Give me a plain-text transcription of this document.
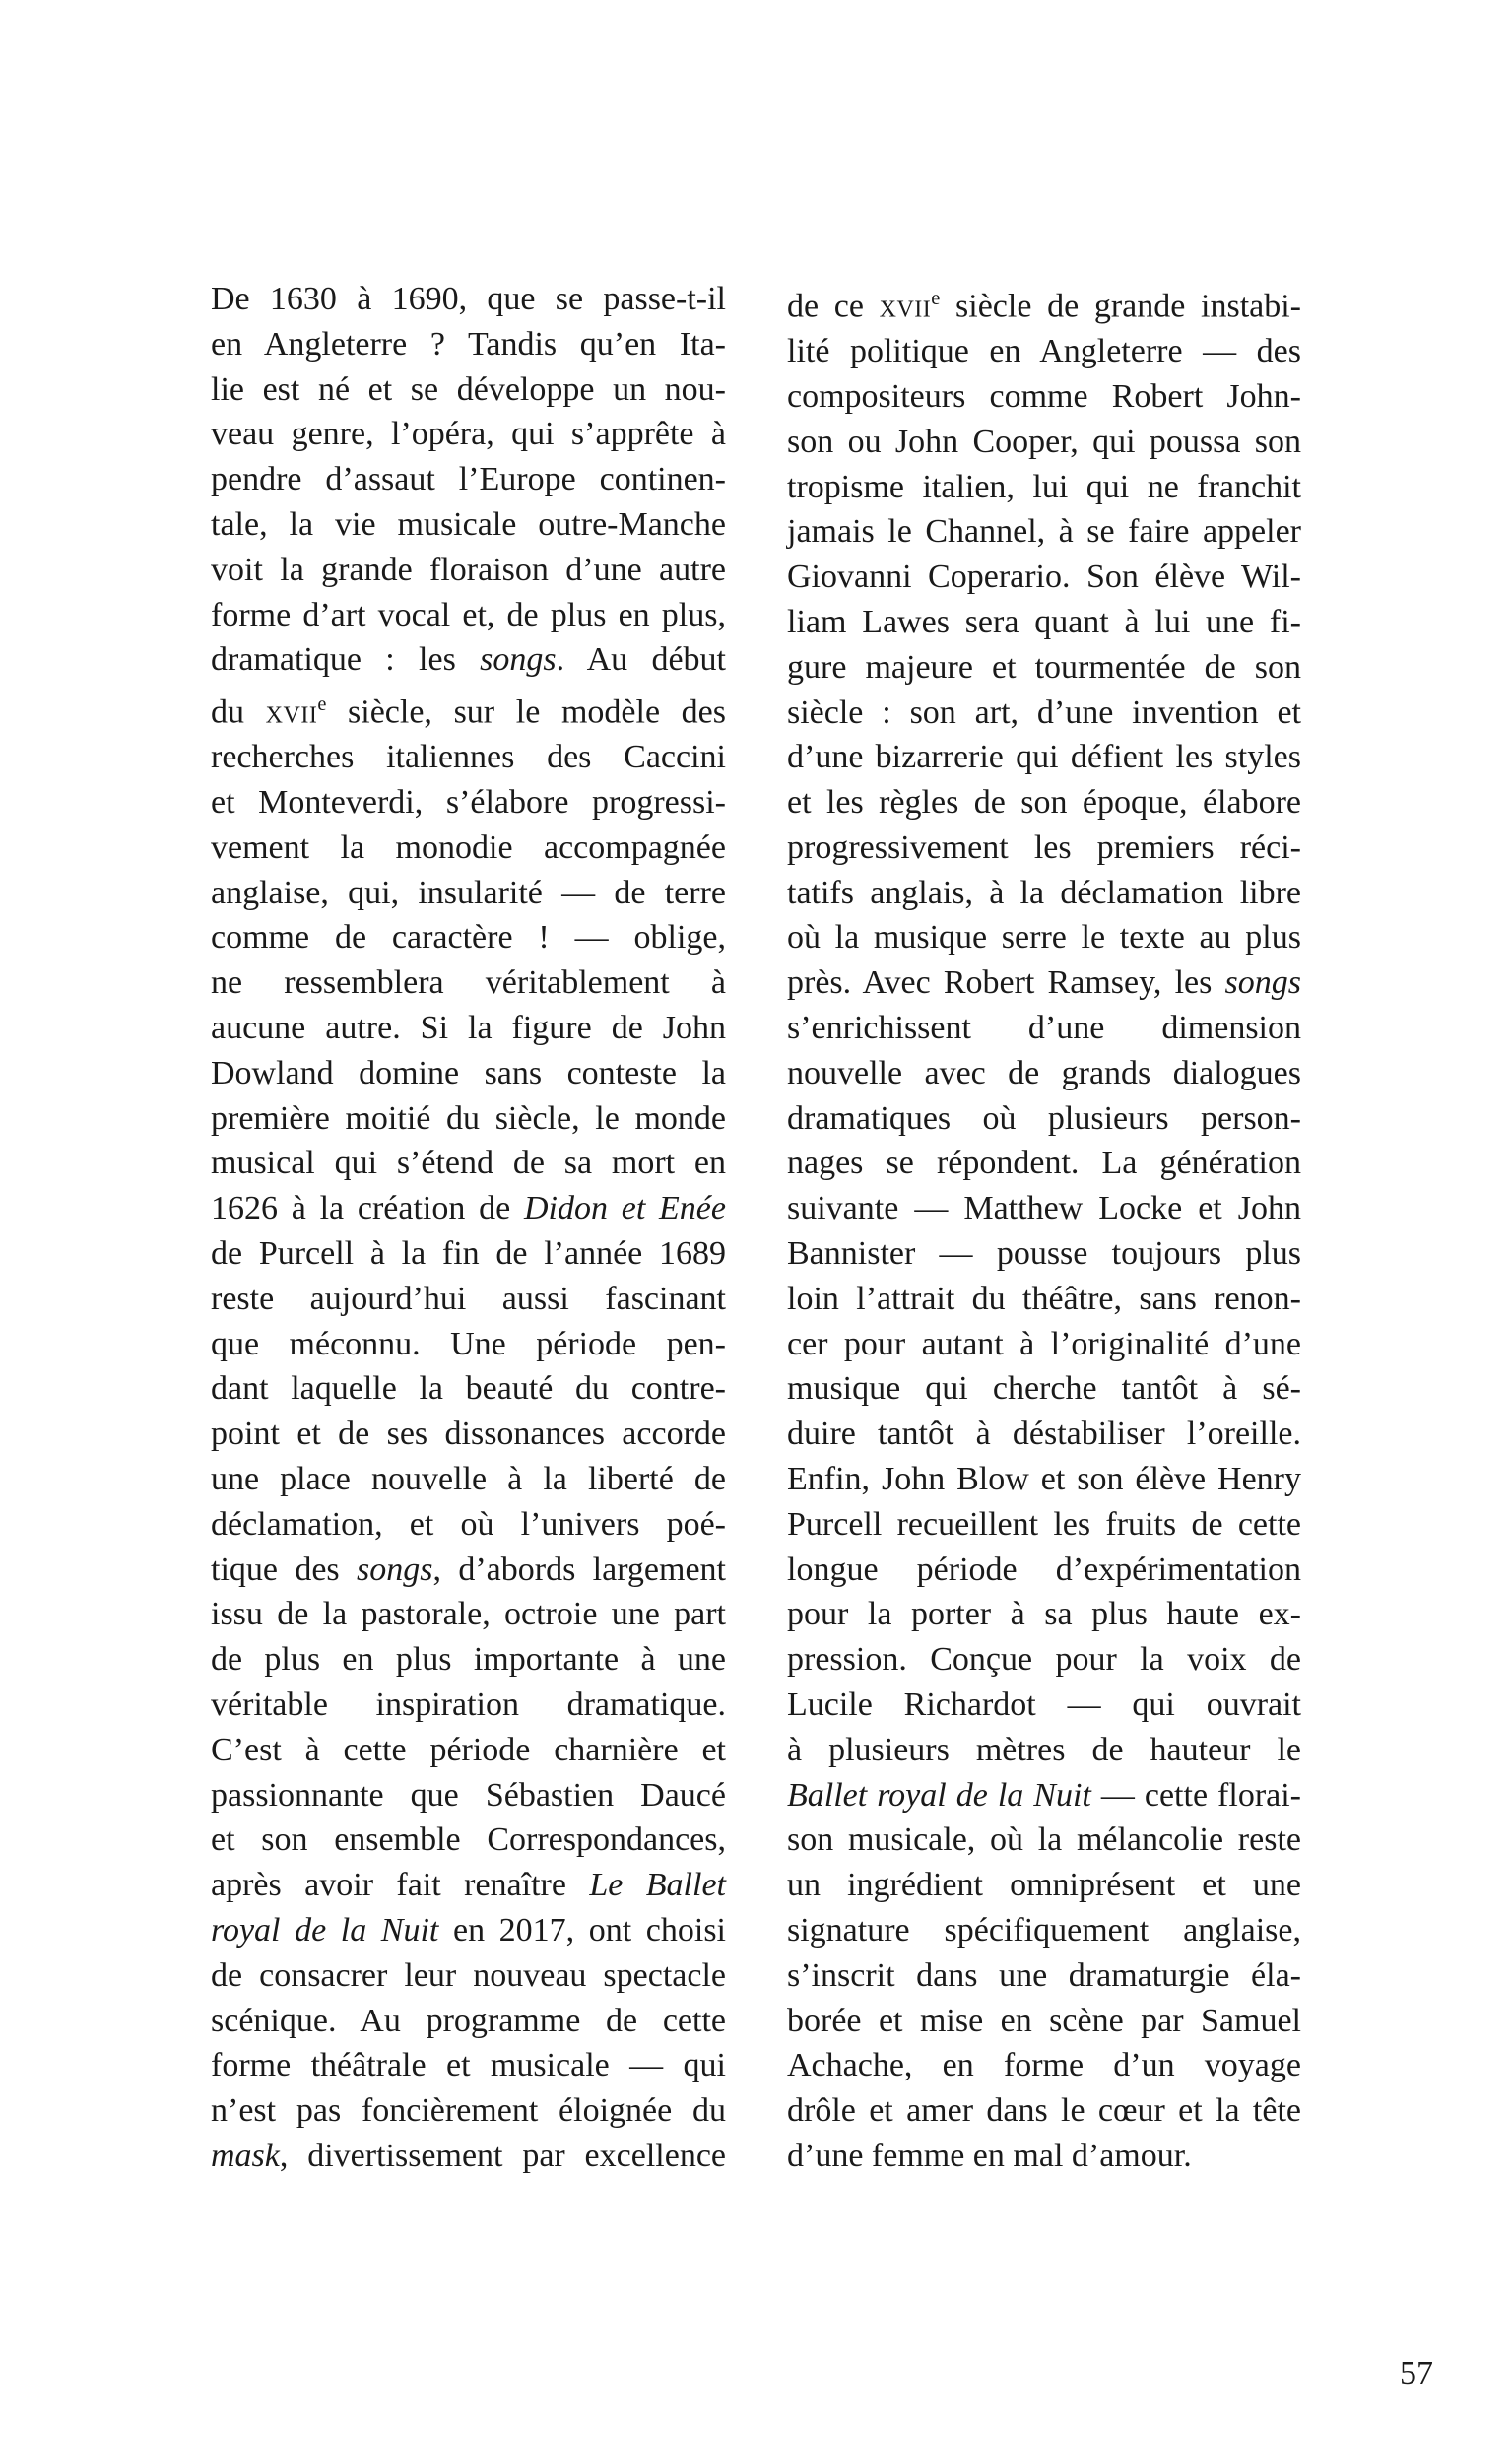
De 1630 à 1690, que se passe-t-il
en Angleterre ? Tandis qu’en Ita-
lie est né et se développe un nou-
veau genre, l’opéra, qui s’apprête à
pendre d’assaut l’Europe continen-
tale, la vie musicale outre-Manche
voit la grande floraison d’une autre
forme d’art vocal et, de plus en plus,
dramatique : les songs. Au début
du xvii$^e$ siècle, sur le modèle des
recherches italiennes des Caccini
et Monteverdi, s’élabore progressi-
vement la monodie accompagnée
anglaise, qui, insularité — de terre
comme de caractère ! — oblige,
ne ressemblera véritablement à
aucune autre. Si la figure de John
Dowland domine sans conteste la
première moitié du siècle, le monde
musical qui s’étend de sa mort en
1626 à la création de Didon et Enée
de Purcell à la fin de l’année 1689
reste aujourd’hui aussi fascinant
que méconnu. Une période pen-
dant laquelle la beauté du contre-
point et de ses dissonances accorde
une place nouvelle à la liberté de
déclamation, et où l’univers poé-
tique des songs, d’abords largement
issu de la pastorale, octroie une part
de plus en plus importante à une
véritable inspiration dramatique.
C’est à cette période charnière et
passionnante que Sébastien Daucé
et son ensemble Correspondances,
après avoir fait renaître Le Ballet
royal de la Nuit en 2017, ont choisi
de consacrer leur nouveau spectacle
scénique. Au programme de cette
forme théâtrale et musicale — qui
n’est pas foncièrement éloignée du
mask, divertissement par excellence
de ce xvii$^e$ siècle de grande instabi-
lité politique en Angleterre — des
compositeurs comme Robert John-
son ou John Cooper, qui poussa son
tropisme italien, lui qui ne franchit
jamais le Channel, à se faire appeler
Giovanni Coperario. Son élève Wil-
liam Lawes sera quant à lui une fi-
gure majeure et tourmentée de son
siècle : son art, d’une invention et
d’une bizarrerie qui défient les styles
et les règles de son époque, élabore
progressivement les premiers réci-
tatifs anglais, à la déclamation libre
où la musique serre le texte au plus
près. Avec Robert Ramsey, les songs
s’enrichissent d’une dimension
nouvelle avec de grands dialogues
dramatiques où plusieurs person-
nages se répondent. La génération
suivante — Matthew Locke et John
Bannister — pousse toujours plus
loin l’attrait du théâtre, sans renon-
cer pour autant à l’originalité d’une
musique qui cherche tantôt à sé-
duire tantôt à déstabiliser l’oreille.
Enfin, John Blow et son élève Henry
Purcell recueillent les fruits de cette
longue période d’expérimentation
pour la porter à sa plus haute ex-
pression. Conçue pour la voix de
Lucile Richardot — qui ouvrait
à plusieurs mètres de hauteur le
Ballet royal de la Nuit — cette florai-
son musicale, où la mélancolie reste
un ingrédient omniprésent et une
signature spécifiquement anglaise,
s’inscrit dans une dramaturgie éla-
borée et mise en scène par Samuel
Achache, en forme d’un voyage
drôle et amer dans le cœur et la tête
d’une femme en mal d’amour.
57
